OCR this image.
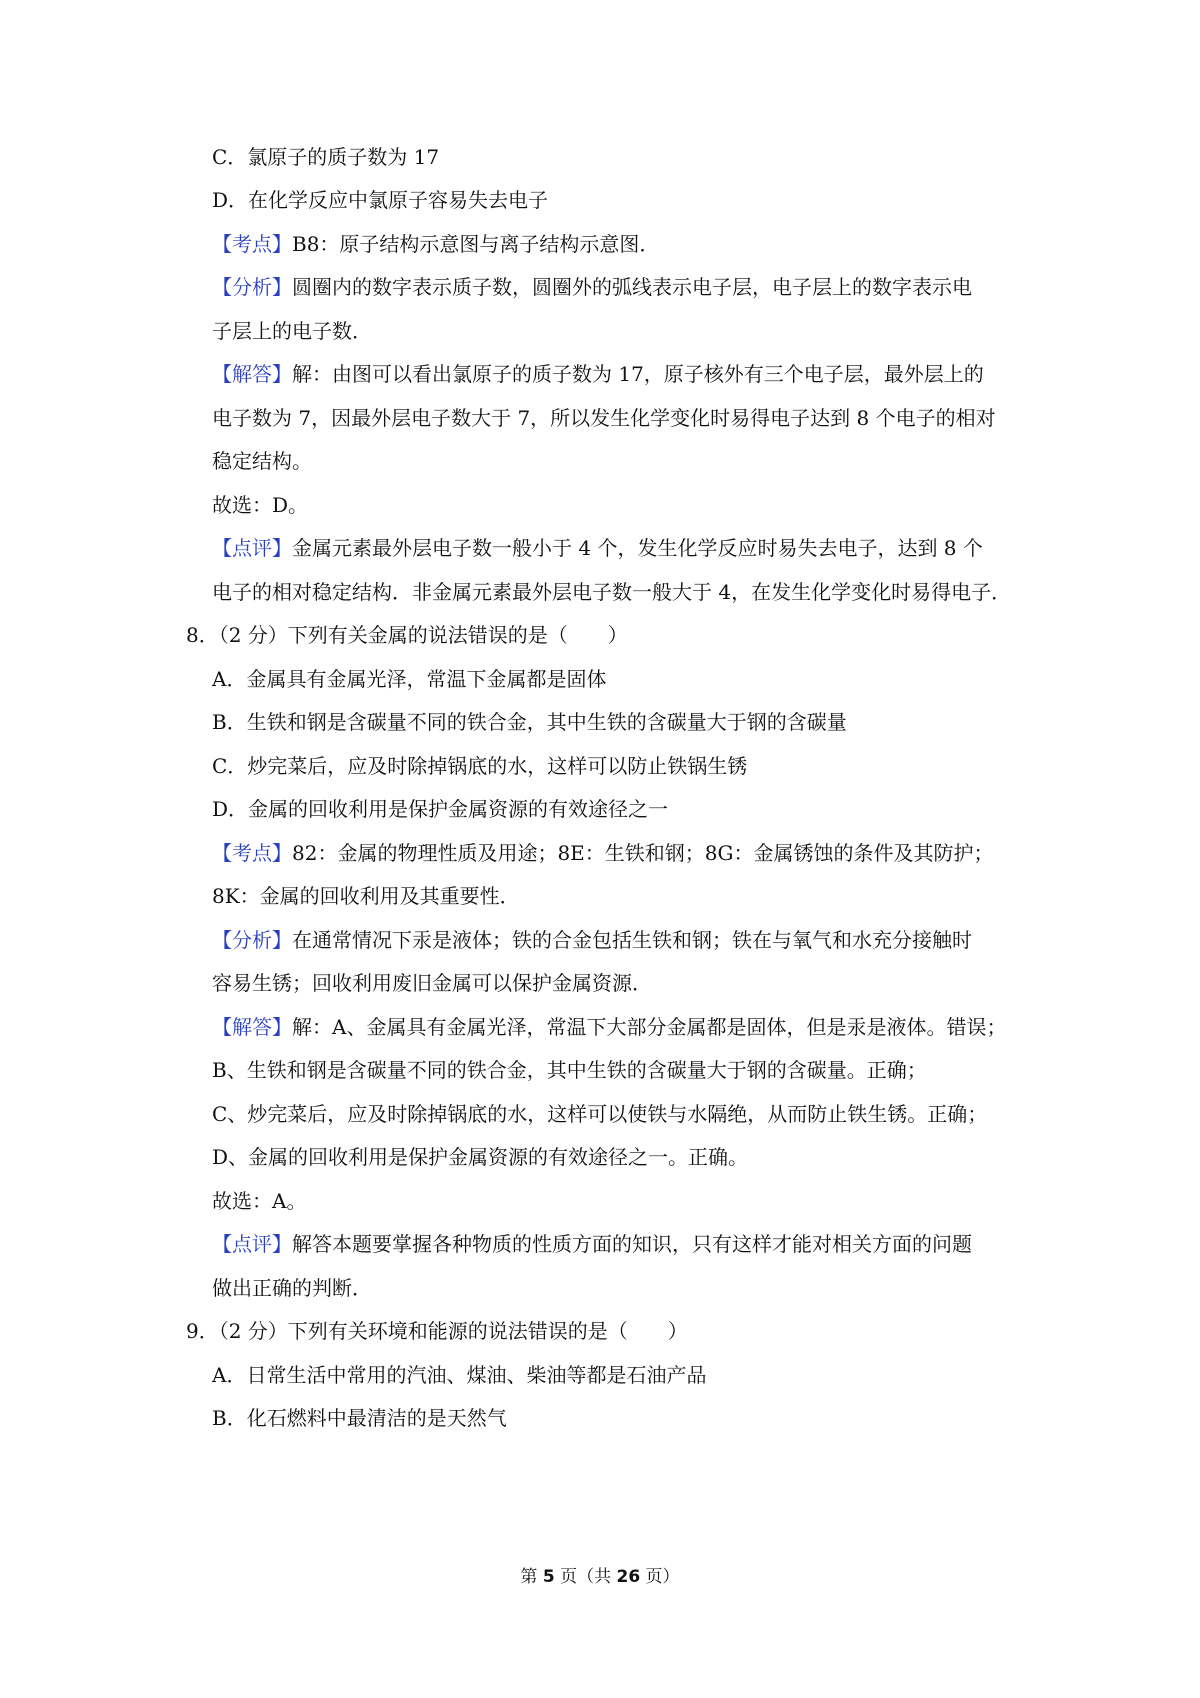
C．氯原子的质子数为 17
D．在化学反应中氯原子容易失去电子
【考点】B8：原子结构示意图与离子结构示意图．
【分析】圆圈内的数字表示质子数，圆圈外的弧线表示电子层，电子层上的数字表示电
子层上的电子数．
【解答】解：由图可以看出氯原子的质子数为 17，原子核外有三个电子层，最外层上的
电子数为 7，因最外层电子数大于 7，所以发生化学变化时易得电子达到 8 个电子的相对
稳定结构。
故选：D。
【点评】金属元素最外层电子数一般小于 4 个，发生化学反应时易失去电子，达到 8 个
电子的相对稳定结构．非金属元素最外层电子数一般大于 4，在发生化学变化时易得电子．
8．（2 分）下列有关金属的说法错误的是（　　）
A．金属具有金属光泽，常温下金属都是固体
B．生铁和钢是含碳量不同的铁合金，其中生铁的含碳量大于钢的含碳量
C．炒完菜后，应及时除掉锅底的水，这样可以防止铁锅生锈
D．金属的回收利用是保护金属资源的有效途径之一
【考点】82：金属的物理性质及用途；8E：生铁和钢；8G：金属锈蚀的条件及其防护；
8K：金属的回收利用及其重要性．
【分析】在通常情况下汞是液体；铁的合金包括生铁和钢；铁在与氧气和水充分接触时
容易生锈；回收利用废旧金属可以保护金属资源．
【解答】解：A、金属具有金属光泽，常温下大部分金属都是固体，但是汞是液体。错误；
B、生铁和钢是含碳量不同的铁合金，其中生铁的含碳量大于钢的含碳量。正确；
C、炒完菜后，应及时除掉锅底的水，这样可以使铁与水隔绝，从而防止铁生锈。正确；
D、金属的回收利用是保护金属资源的有效途径之一。正确。
故选：A。
【点评】解答本题要掌握各种物质的性质方面的知识，只有这样才能对相关方面的问题
做出正确的判断．
9．（2 分）下列有关环境和能源的说法错误的是（　　）
A．日常生活中常用的汽油、煤油、柴油等都是石油产品
B．化石燃料中最清洁的是天然气
第 5 页（共 26 页）
